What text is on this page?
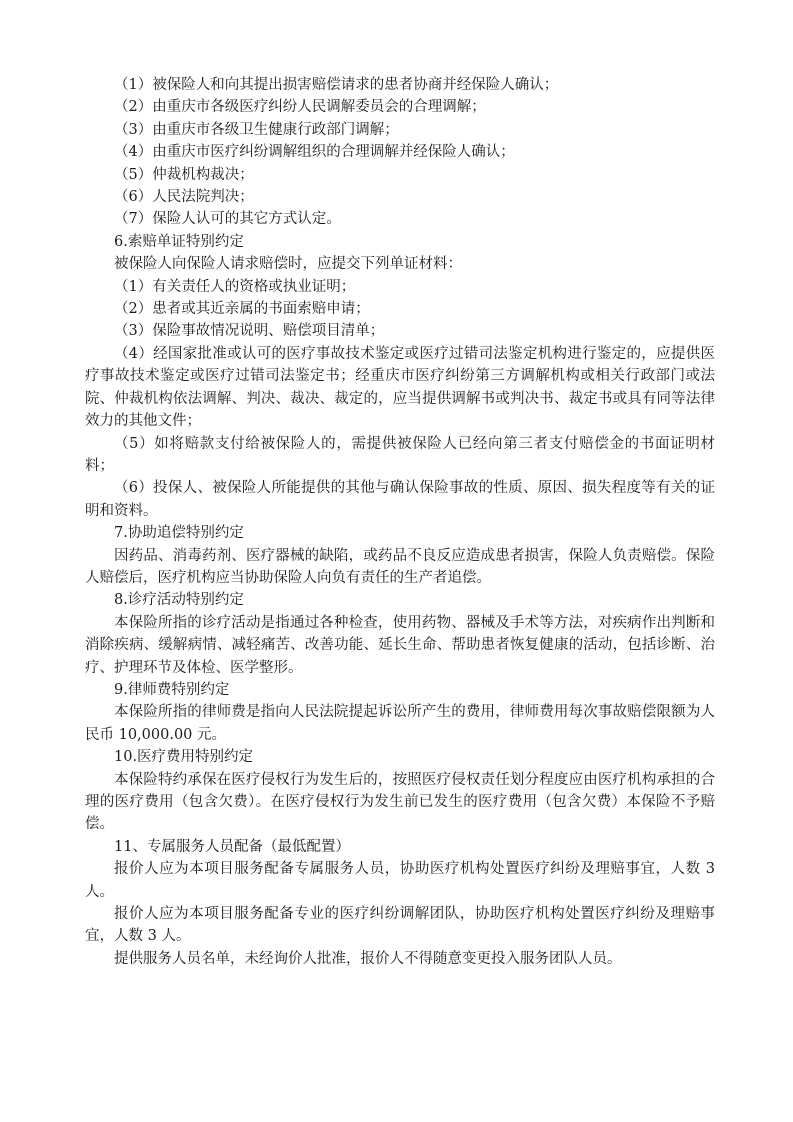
（1）被保险人和向其提出损害赔偿请求的患者协商并经保险人确认；

（2）由重庆市各级医疗纠纷人民调解委员会的合理调解；

（3）由重庆市各级卫生健康行政部门调解；

（4）由重庆市医疗纠纷调解组织的合理调解并经保险人确认；

（5）仲裁机构裁决；

（6）人民法院判决；

（7）保险人认可的其它方式认定。

6.索赔单证特别约定

被保险人向保险人请求赔偿时，应提交下列单证材料：

（1）有关责任人的资格或执业证明；

（2）患者或其近亲属的书面索赔申请；

（3）保险事故情况说明、赔偿项目清单；

（4）经国家批准或认可的医疗事故技术鉴定或医疗过错司法鉴定机构进行鉴定的，应提供医疗事故技术鉴定或医疗过错司法鉴定书；经重庆市医疗纠纷第三方调解机构或相关行政部门或法院、仲裁机构依法调解、判决、裁决、裁定的，应当提供调解书或判决书、裁定书或具有同等法律效力的其他文件；

（5）如将赔款支付给被保险人的，需提供被保险人已经向第三者支付赔偿金的书面证明材料；

（6）投保人、被保险人所能提供的其他与确认保险事故的性质、原因、损失程度等有关的证明和资料。

7.协助追偿特别约定

因药品、消毒药剂、医疗器械的缺陷，或药品不良反应造成患者损害，保险人负责赔偿。保险人赔偿后，医疗机构应当协助保险人向负有责任的生产者追偿。

8.诊疗活动特别约定

本保险所指的诊疗活动是指通过各种检查，使用药物、器械及手术等方法，对疾病作出判断和消除疾病、缓解病情、减轻痛苦、改善功能、延长生命、帮助患者恢复健康的活动，包括诊断、治疗、护理环节及体检、医学整形。

9.律师费特别约定

本保险所指的律师费是指向人民法院提起诉讼所产生的费用，律师费用每次事故赔偿限额为人民币 10,000.00 元。

10.医疗费用特别约定

本保险特约承保在医疗侵权行为发生后的，按照医疗侵权责任划分程度应由医疗机构承担的合理的医疗费用（包含欠费）。在医疗侵权行为发生前已发生的医疗费用（包含欠费）本保险不予赔偿。

11、专属服务人员配备（最低配置）

报价人应为本项目服务配备专属服务人员，协助医疗机构处置医疗纠纷及理赔事宜，人数 3 人。

报价人应为本项目服务配备专业的医疗纠纷调解团队，协助医疗机构处置医疗纠纷及理赔事宜，人数 3 人。

提供服务人员名单，未经询价人批准，报价人不得随意变更投入服务团队人员。
